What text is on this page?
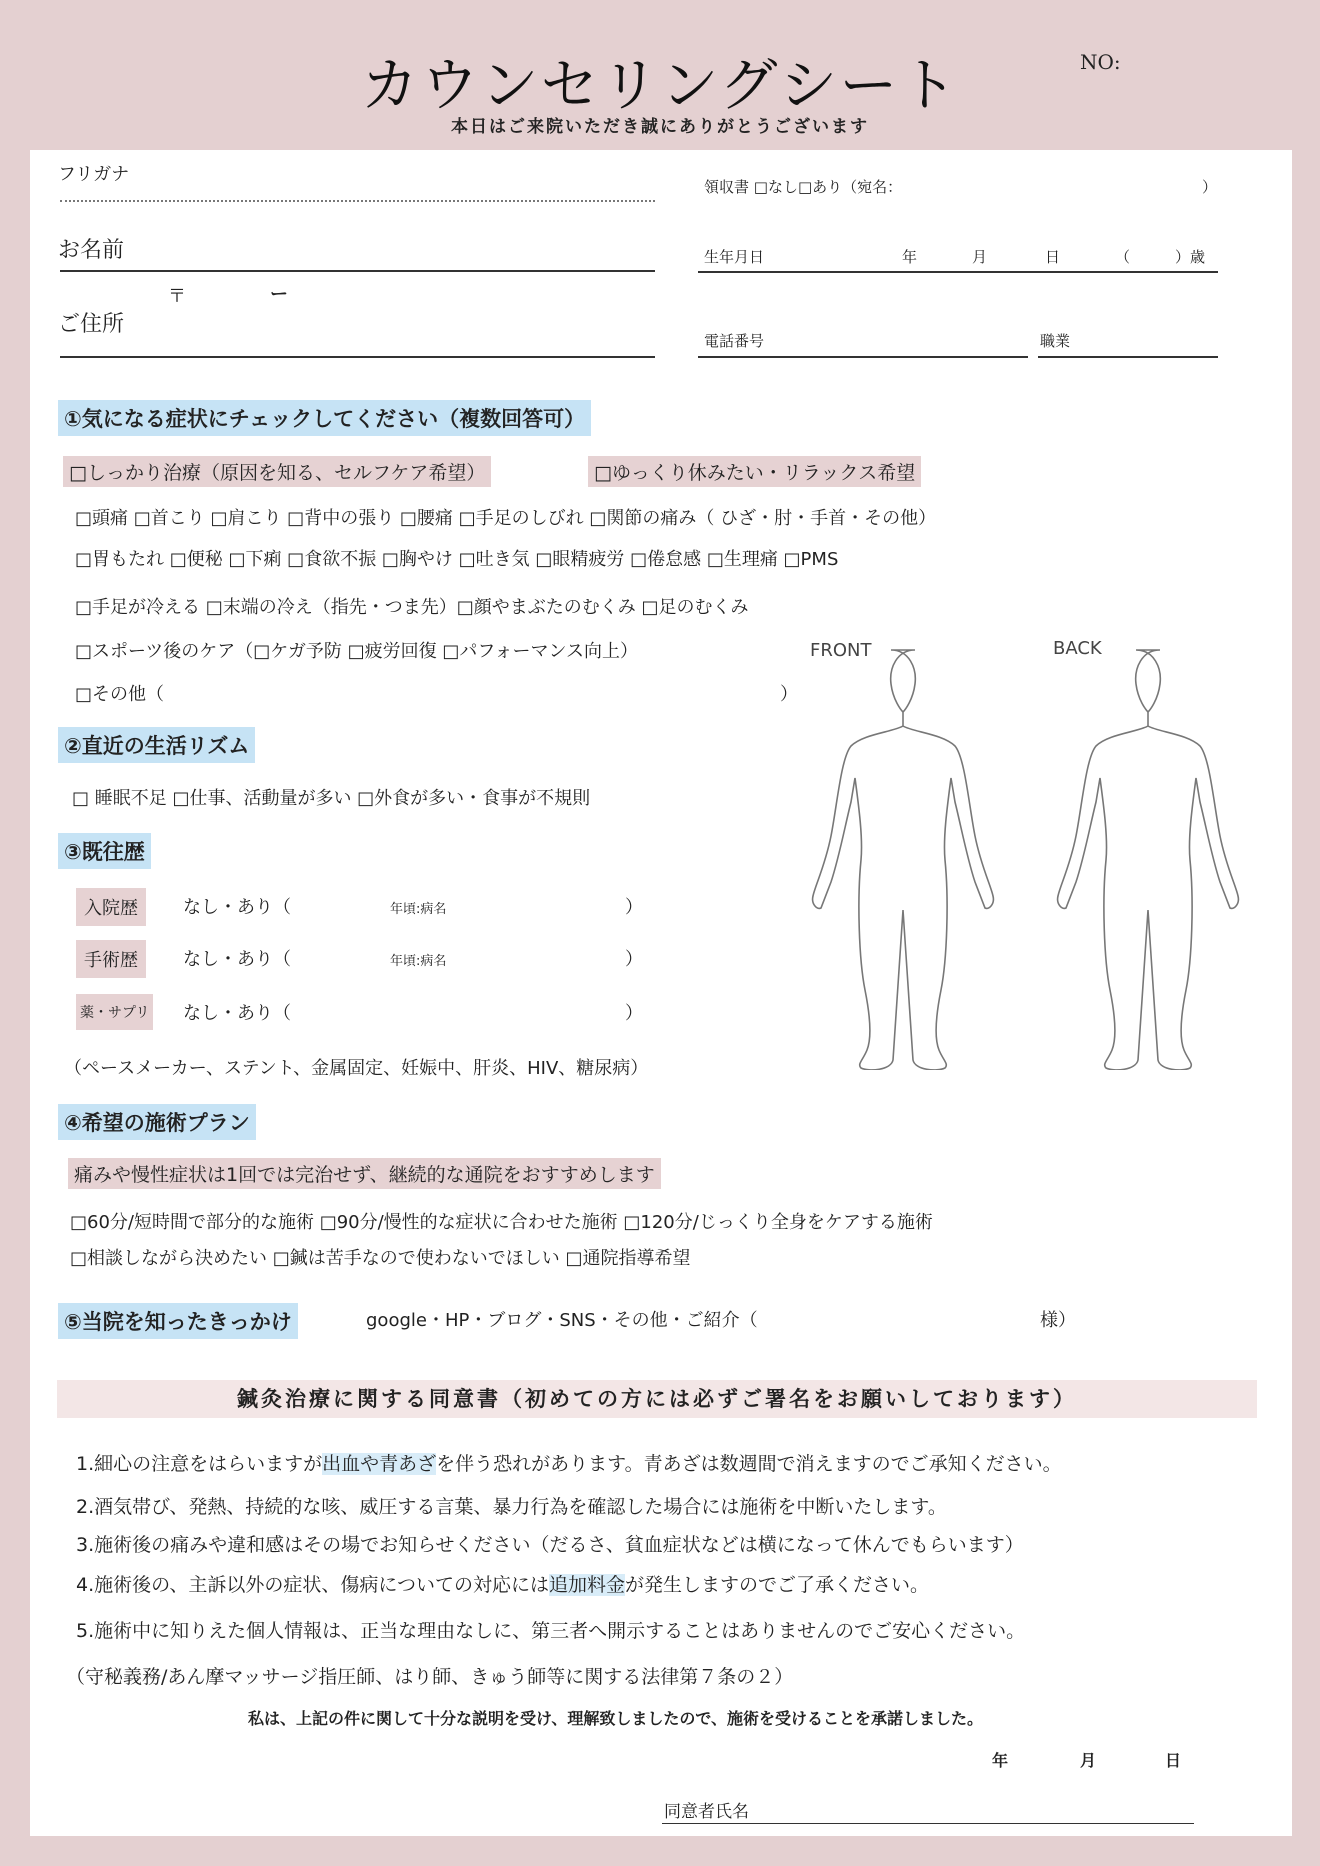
カウンセリングシート	NO:
本日はご来院いただき誠にありがとうございます
フリガナ
お名前
〒	ー
ご住所
領収書 □なし□あり（宛名：	）
生年月日	年	月	日	（	）歳
電話番号	職業
①気になる症状にチェックしてください（複数回答可）
□しっかり治療（原因を知る、セルフケア希望）	□ゆっくり休みたい・リラックス希望
□頭痛 □首こり □肩こり □背中の張り □腰痛 □手足のしびれ □関節の痛み（ ひざ・肘・手首・その他）
□胃もたれ □便秘 □下痢 □食欲不振 □胸やけ □吐き気 □眼精疲労 □倦怠感 □生理痛 □PMS
□手足が冷える □末端の冷え（指先・つま先）□顔やまぶたのむくみ □足のむくみ
□スポーツ後のケア（□ケガ予防 □疲労回復 □パフォーマンス向上）
□その他（	）
FRONT	BACK
②直近の生活リズム
□ 睡眠不足 □仕事、活動量が多い □外食が多い・食事が不規則
③既往歴
入院歴	なし・あり（	年頃:病名	）
手術歴	なし・あり（	年頃:病名	）
薬・サプリ なし・あり（	）
（ペースメーカー、ステント、金属固定、妊娠中、肝炎、HIV、糖尿病）
④希望の施術プラン
痛みや慢性症状は1回では完治せず、継続的な通院をおすすめします
□60分/短時間で部分的な施術 □90分/慢性的な症状に合わせた施術 □120分/じっくり全身をケアする施術
□相談しながら決めたい □鍼は苦手なので使わないでほしい □通院指導希望
⑤当院を知ったきっかけ	google・HP・ブログ・SNS・その他・ご紹介（	様）
鍼灸治療に関する同意書（初めての方には必ずご署名をお願いしております）
1.細心の注意をはらいますが出血や青あざを伴う恐れがあります。青あざは数週間で消えますのでご承知ください。
2.酒気帯び、発熱、持続的な咳、威圧する言葉、暴力行為を確認した場合には施術を中断いたします。
3.施術後の痛みや違和感はその場でお知らせください（だるさ、貧血症状などは横になって休んでもらいます）
4.施術後の、主訴以外の症状、傷病についての対応には追加料金が発生しますのでご了承ください。
5.施術中に知りえた個人情報は、正当な理由なしに、第三者へ開示することはありませんのでご安心ください。
（守秘義務/あん摩マッサージ指圧師、はり師、きゅう師等に関する法律第７条の２）
私は、上記の件に関して十分な説明を受け、理解致しましたので、施術を受けることを承諾しました。
年	月	日
同意者氏名
